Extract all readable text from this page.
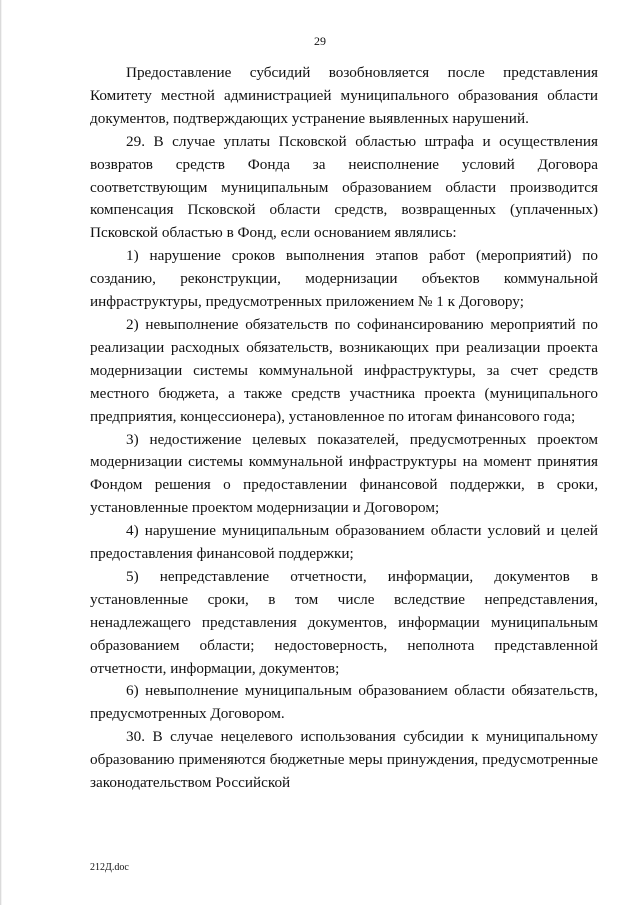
29

Предоставление субсидий возобновляется после представления Комитету местной администрацией муниципального образования области документов, подтверждающих устранение выявленных нарушений.

29. В случае уплаты Псковской областью штрафа и осуществления возвратов средств Фонда за неисполнение условий Договора соответствующим муниципальным образованием области производится компенсация Псковской области средств, возвращенных (уплаченных) Псковской областью в Фонд, если основанием являлись:

1) нарушение сроков выполнения этапов работ (мероприятий) по созданию, реконструкции, модернизации объектов коммунальной инфраструктуры, предусмотренных приложением № 1 к Договору;

2) невыполнение обязательств по софинансированию мероприятий по реализации расходных обязательств, возникающих при реализации проекта модернизации системы коммунальной инфраструктуры, за счет средств местного бюджета, а также средств участника проекта (муниципального предприятия, концессионера), установленное по итогам финансового года;

3) недостижение целевых показателей, предусмотренных проектом модернизации системы коммунальной инфраструктуры на момент принятия Фондом решения о предоставлении финансовой поддержки, в сроки, установленные проектом модернизации и Договором;

4) нарушение муниципальным образованием области условий и целей предоставления финансовой поддержки;

5) непредставление отчетности, информации, документов в установленные сроки, в том числе вследствие непредставления, ненадлежащего представления документов, информации муниципальным образованием области; недостоверность, неполнота представленной отчетности, информации, документов;

6) невыполнение муниципальным образованием области обязательств, предусмотренных Договором.

30. В случае нецелевого использования субсидии к муниципальному образованию применяются бюджетные меры принуждения, предусмотренные законодательством Российской

212Д.doc
